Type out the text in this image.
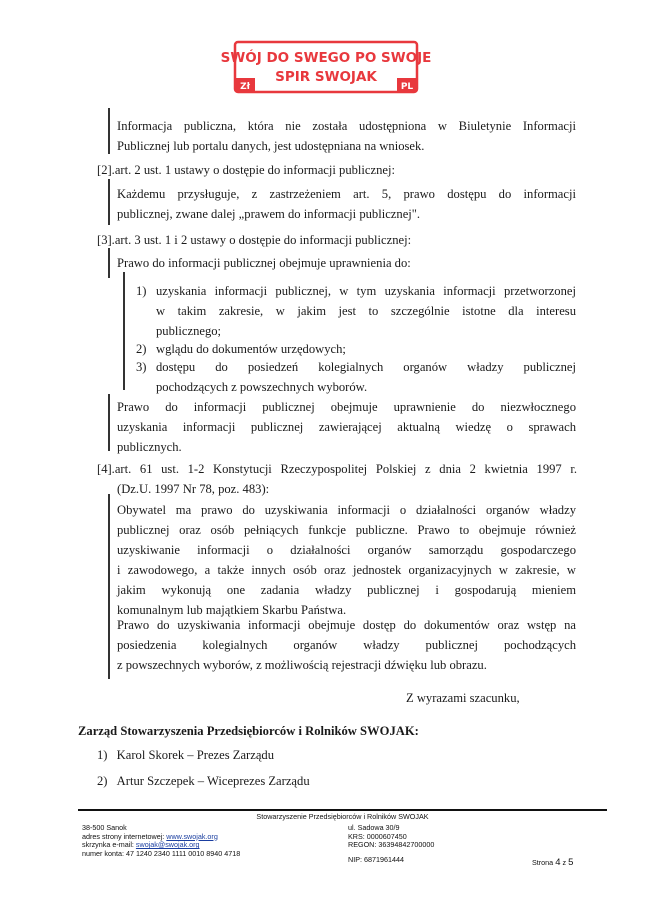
SWÓJ DO SWEGO PO SWOJE
SPIR SWOJAK
Zł	PL
Informacja publiczna, która nie została udostępniona w Biuletynie Informacji
Publicznej lub portalu danych, jest udostępniana na wniosek.
[2].art. 2 ust. 1 ustawy o dostępie do informacji publicznej:
Każdemu przysługuje, z zastrzeżeniem art. 5, prawo dostępu do informacji
publicznej, zwane dalej „prawem do informacji publicznej".
[3].art. 3 ust. 1 i 2 ustawy o dostępie do informacji publicznej:
Prawo do informacji publicznej obejmuje uprawnienia do:
1) uzyskania informacji publicznej, w tym uzyskania informacji przetworzonej
w takim zakresie, w jakim jest to szczególnie istotne dla interesu
publicznego;
2) wglądu do dokumentów urzędowych;
3) dostępu do posiedzeń kolegialnych organów władzy publicznej
pochodzących z powszechnych wyborów.
Prawo do informacji publicznej obejmuje uprawnienie do niezwłocznego
uzyskania informacji publicznej zawierającej aktualną wiedzę o sprawach
publicznych.
[4].art. 61 ust. 1-2 Konstytucji Rzeczypospolitej Polskiej z dnia 2 kwietnia 1997 r.
(Dz.U. 1997 Nr 78, poz. 483):
Obywatel ma prawo do uzyskiwania informacji o działalności organów władzy
publicznej oraz osób pełniących funkcje publiczne. Prawo to obejmuje również
uzyskiwanie informacji o działalności organów samorządu gospodarczego
i zawodowego, a także innych osób oraz jednostek organizacyjnych w zakresie, w
jakim wykonują one zadania władzy publicznej i gospodarują mieniem
komunalnym lub majątkiem Skarbu Państwa.
Prawo do uzyskiwania informacji obejmuje dostęp do dokumentów oraz wstęp na
posiedzenia kolegialnych organów władzy publicznej pochodzących
z powszechnych wyborów, z możliwością rejestracji dźwięku lub obrazu.
Z wyrazami szacunku,
Zarząd Stowarzyszenia Przedsiębiorców i Rolników SWOJAK:
1) Karol Skorek – Prezes Zarządu
2) Artur Szczepek – Wiceprezes Zarządu
Stowarzyszenie Przedsiębiorców i Rolników SWOJAK
38-500 Sanok
adres strony internetowej: www.swojak.org
skrzynka e-mail: swojak@swojak.org
numer konta: 47 1240 2340 1111 0010 8940 4718
ul. Sadowa 30/9
KRS: 0000607450
REGON: 36394842700000
NIP: 6871961444	Strona 4 z 5
